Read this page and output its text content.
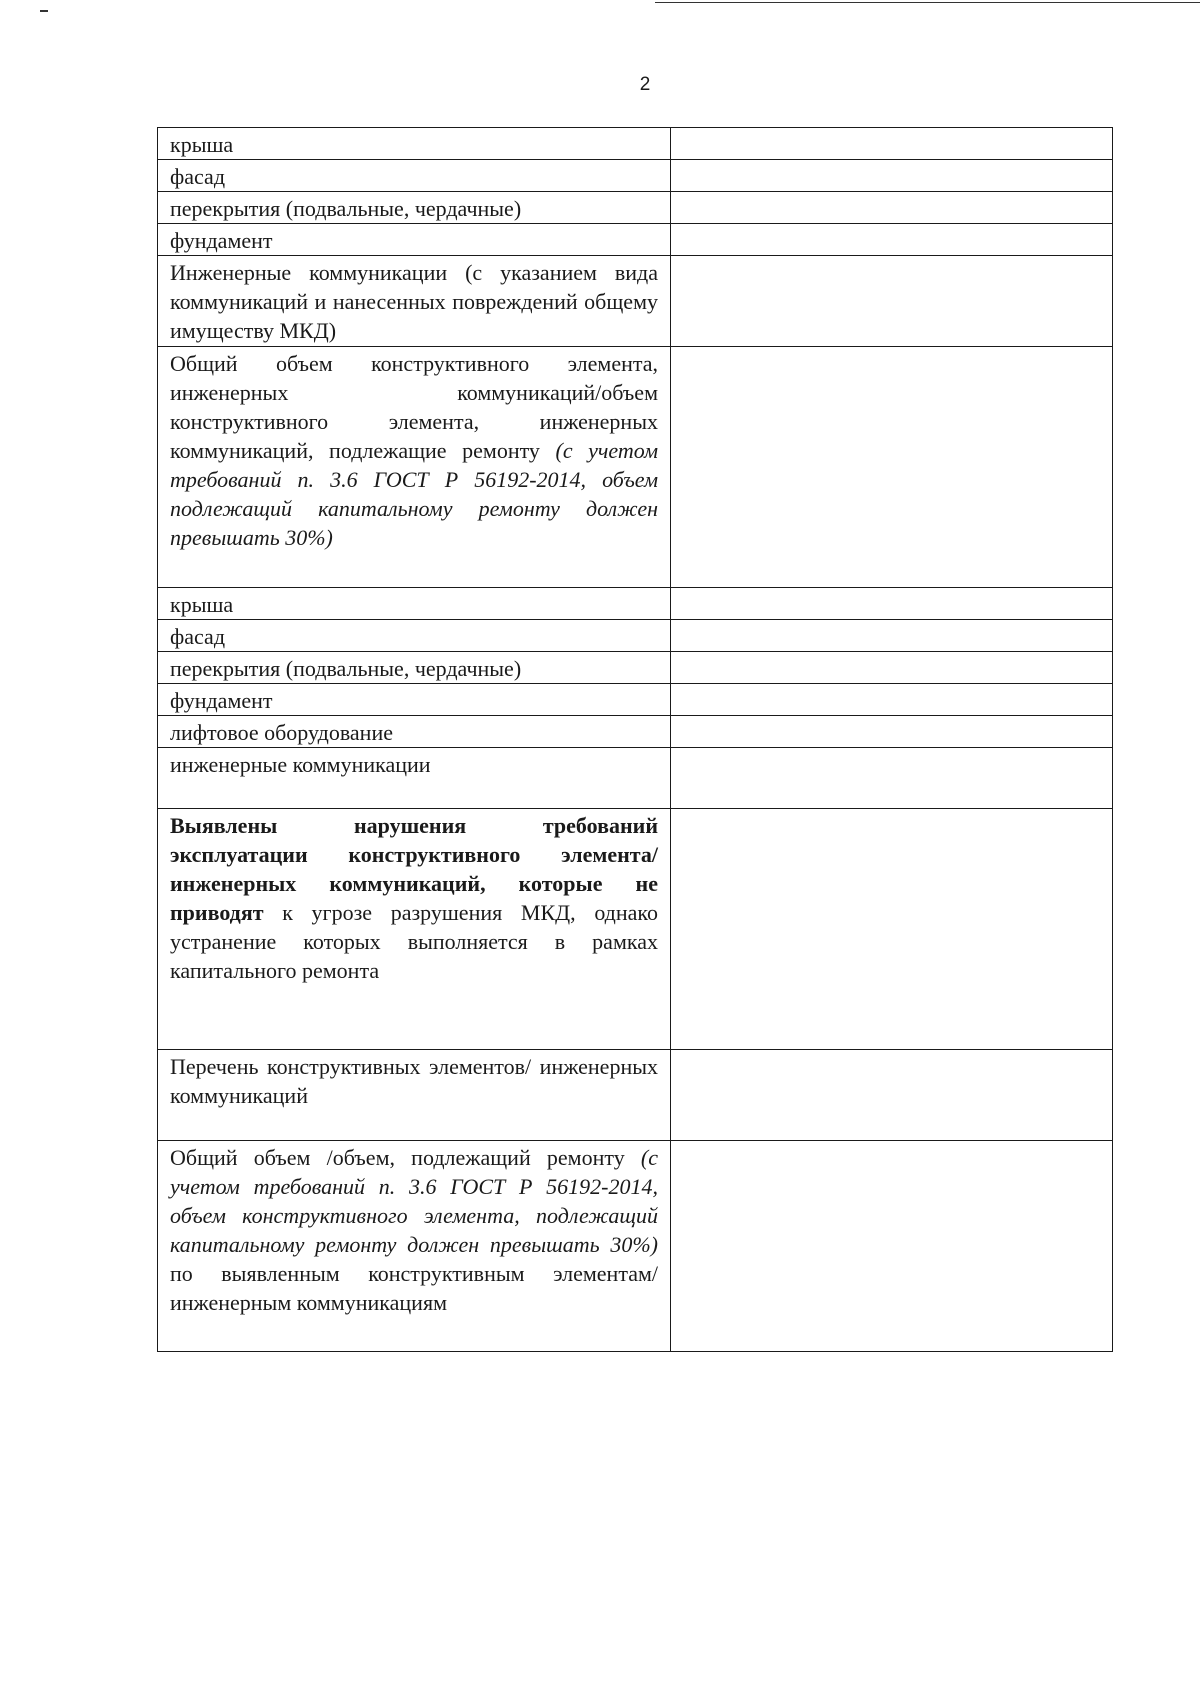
2
крыша	
фасад	
перекрытия (подвальные, чердачные)	
фундамент	
Инженерные коммуникации (с указанием вида коммуникаций и нанесенных повреждений общему имуществу МКД)	
Общий объем конструктивного элемента, инженерных коммуникаций/объем конструктивного элемента, инженерных коммуникаций, подлежащие ремонту (с учетом требований п. 3.6 ГОСТ Р 56192-2014, объем подлежащий капитальному ремонту должен превышать 30%)	
крыша	
фасад	
перекрытия (подвальные, чердачные)	
фундамент	
лифтовое оборудование	
инженерные коммуникации	
Выявлены нарушения требований эксплуатации конструктивного элемента/инженерных коммуникаций, которые не приводят к угрозе разрушения МКД, однако устранение которых выполняется в рамках капитального ремонта	
Перечень конструктивных элементов/ инженерных коммуникаций	
Общий объем /объем, подлежащий ремонту (с учетом требований п. 3.6 ГОСТ Р 56192-2014, объем конструктивного элемента, подлежащий капитальному ремонту должен превышать 30%) по выявленным конструктивным элементам/ инженерным коммуникациям	
